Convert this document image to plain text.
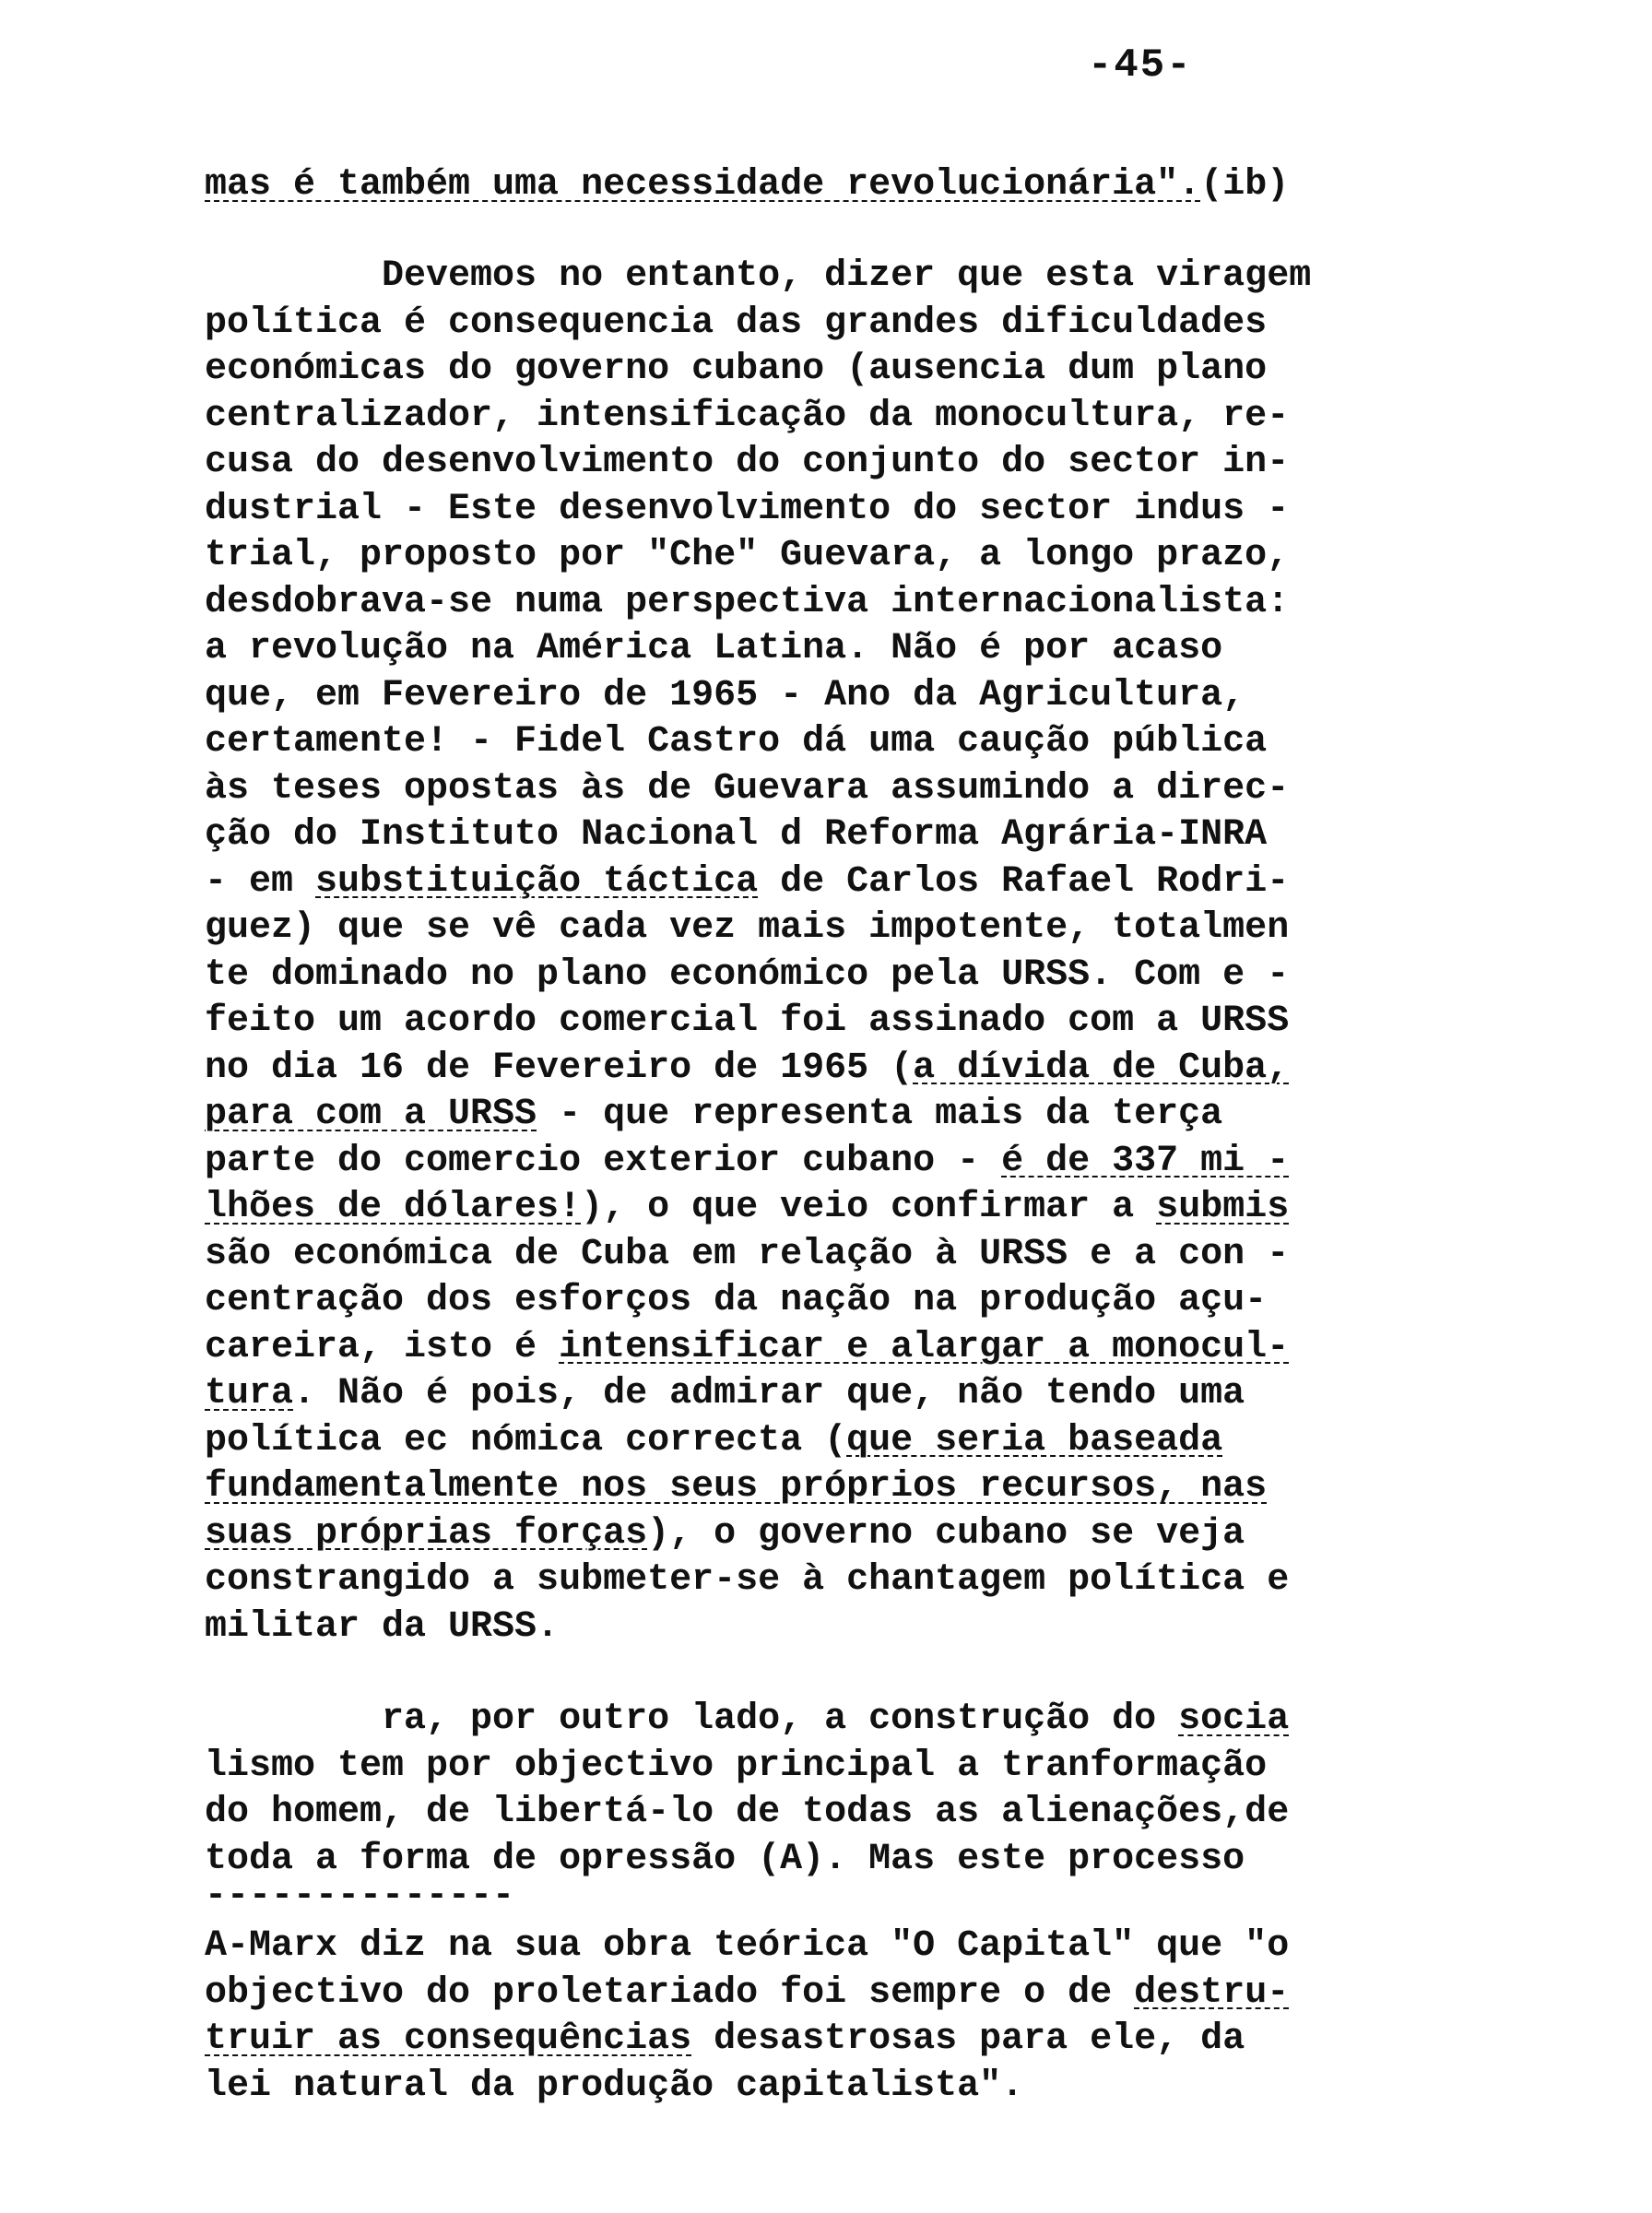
-45-
mas é também uma necessidade revolucionária".(ib)
Devemos no entanto, dizer que esta viragem
política é consequencia das grandes dificuldades
económicas do governo cubano (ausencia dum plano
centralizador, intensificação da monocultura, re-
cusa do desenvolvimento do conjunto do sector in-
dustrial - Este desenvolvimento do sector indus -
trial, proposto por "Che" Guevara, a longo prazo,
desdobrava-se numa perspectiva internacionalista:
a revolução na América Latina. Não é por acaso
que, em Fevereiro de 1965 - Ano da Agricultura,
certamente! - Fidel Castro dá uma caução pública
às teses opostas às de Guevara assumindo a direc-
ção do Instituto Nacional d Reforma Agrária-INRA
- em substituição táctica de Carlos Rafael Rodri-
guez) que se vê cada vez mais impotente, totalmen
te dominado no plano económico pela URSS. Com e -
feito um acordo comercial foi assinado com a URSS
no dia 16 de Fevereiro de 1965 (a dívida de Cuba,
para com a URSS - que representa mais da terça
parte do comercio exterior cubano - é de 337 mi -
lhões de dólares!), o que veio confirmar a submis
são económica de Cuba em relação à URSS e a con -
centração dos esforços da nação na produção açu-
careira, isto é intensificar e alargar a monocul-
tura. Não é pois, de admirar que, não tendo uma
política ec nómica correcta (que seria baseada
fundamentalmente nos seus próprios recursos, nas
suas próprias forças), o governo cubano se veja
constrangido a submeter-se à chantagem política e
militar da URSS.
ra, por outro lado, a construção do socia
lismo tem por objectivo principal a tranformação
do homem, de libertá-lo de todas as alienações,de
toda a forma de opressão (A). Mas este processo
--------------
A-Marx diz na sua obra teórica "O Capital" que "o
objectivo do proletariado foi sempre o de destru-
truir as consequências desastrosas para ele, da
lei natural da produção capitalista".
